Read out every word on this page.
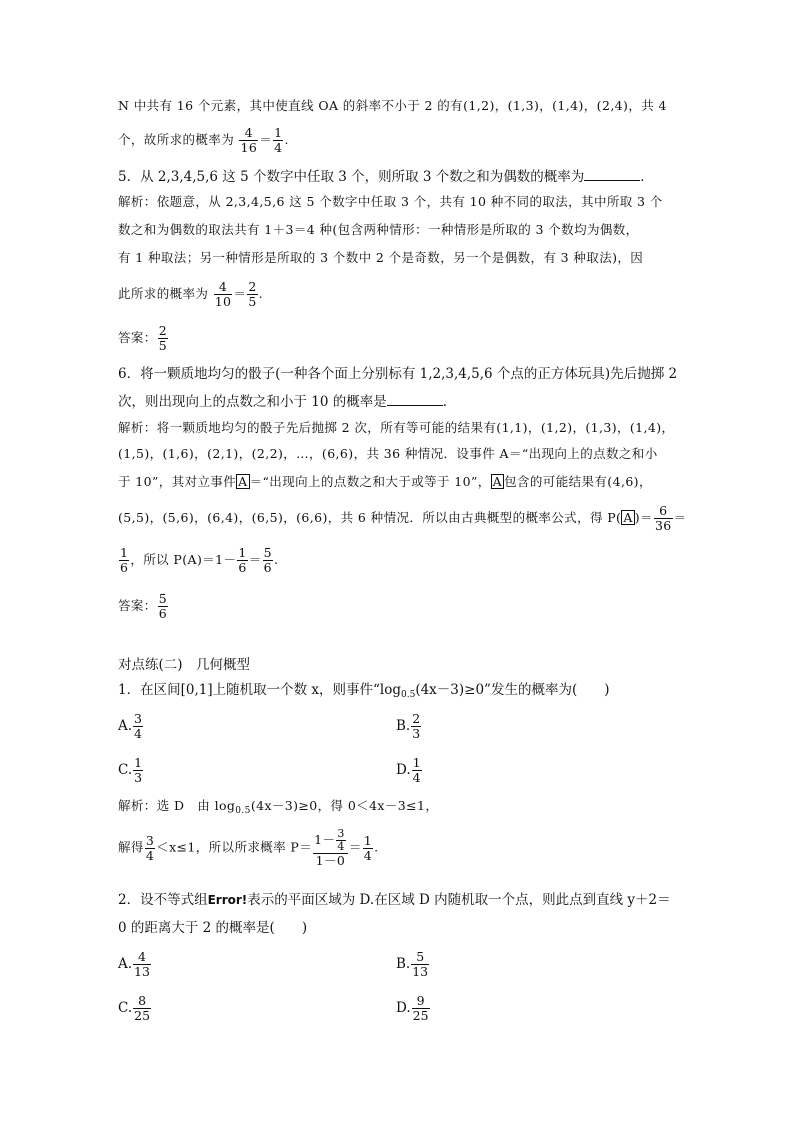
N 中共有 16 个元素，其中使直线 OA 的斜率不小于 2 的有(1,2)，(1,3)，(1,4)，(2,4)，共 4
个，故所求的概率为 $\frac{4}{16} = \frac{1}{4}$ .
5．从 2,3,4,5,6 这 5 个数字中任取 3 个，则所取 3 个数之和为偶数的概率为	．
解析：依题意，从 2,3,4,5,6 这 5 个数字中任取 3 个，共有 10 种不同的取法，其中所取 3 个
数之和为偶数的取法共有 1＋3＝4 种(包含两种情形：一种情形是所取的 3 个数均为偶数，
有 1 种取法；另一种情形是所取的 3 个数中 2 个是奇数，另一个是偶数，有 3 种取法)，因
此所求的概率为 $\frac{4}{10} = \frac{2}{5}$ .
答案： $\frac{2}{5}$
6．将一颗质地均匀的骰子(一种各个面上分别标有 1,2,3,4,5,6 个点的正方体玩具)先后抛掷 2
次，则出现向上的点数之和小于 10 的概率是	．
解析：将一颗质地均匀的骰子先后抛掷 2 次，所有等可能的结果有(1,1)，(1,2)，(1,3)，(1,4)，
(1,5)，(1,6)，(2,1)，(2,2)，…，(6,6)，共 36 种情况．设事件 A＝“出现向上的点数之和小
于 10”，其对立事件 A ＝“出现向上的点数之和大于或等于 10”， A 包含的可能结果有(4,6)，
(5,5)，(5,6)，(6,4)，(6,5)，(6,6)，共 6 种情况．所以由古典概型的概率公式，得 P( A )＝ $\frac{6}{36}$ ＝
$\frac{1}{6}$ ，所以 $P(A)=1- \frac{1}{6} = \frac{5}{6}$ .
答案： $\frac{5}{6}$
对点练(二)　几何概型
1．在区间[0,1]上随机取一个数 x，则事件“$\log_{0.5}(4x-3)\ge 0$”发生的概率为(　　)
A. $\frac{3}{4}$	B. $\frac{2}{3}$
C. $\frac{1}{3}$	D. $\frac{1}{4}$
解析：选 D　由 $\log_{0.5}(4x-3)\ge 0$，得 0＜4x－3≤1，
解得 $\frac{3}{4} <x\le 1$，所以所求概率 $P= \frac{1- \frac{3}{4}}{1-0} = \frac{1}{4}$ .
2．设不等式组Error!表示的平面区域为 D.在区域 D 内随机取一个点，则此点到直线 y＋2＝
0 的距离大于 2 的概率是(　　)
A. $\frac{4}{13}$	B. $\frac{5}{13}$
C. $\frac{8}{25}$	D. $\frac{9}{25}$
